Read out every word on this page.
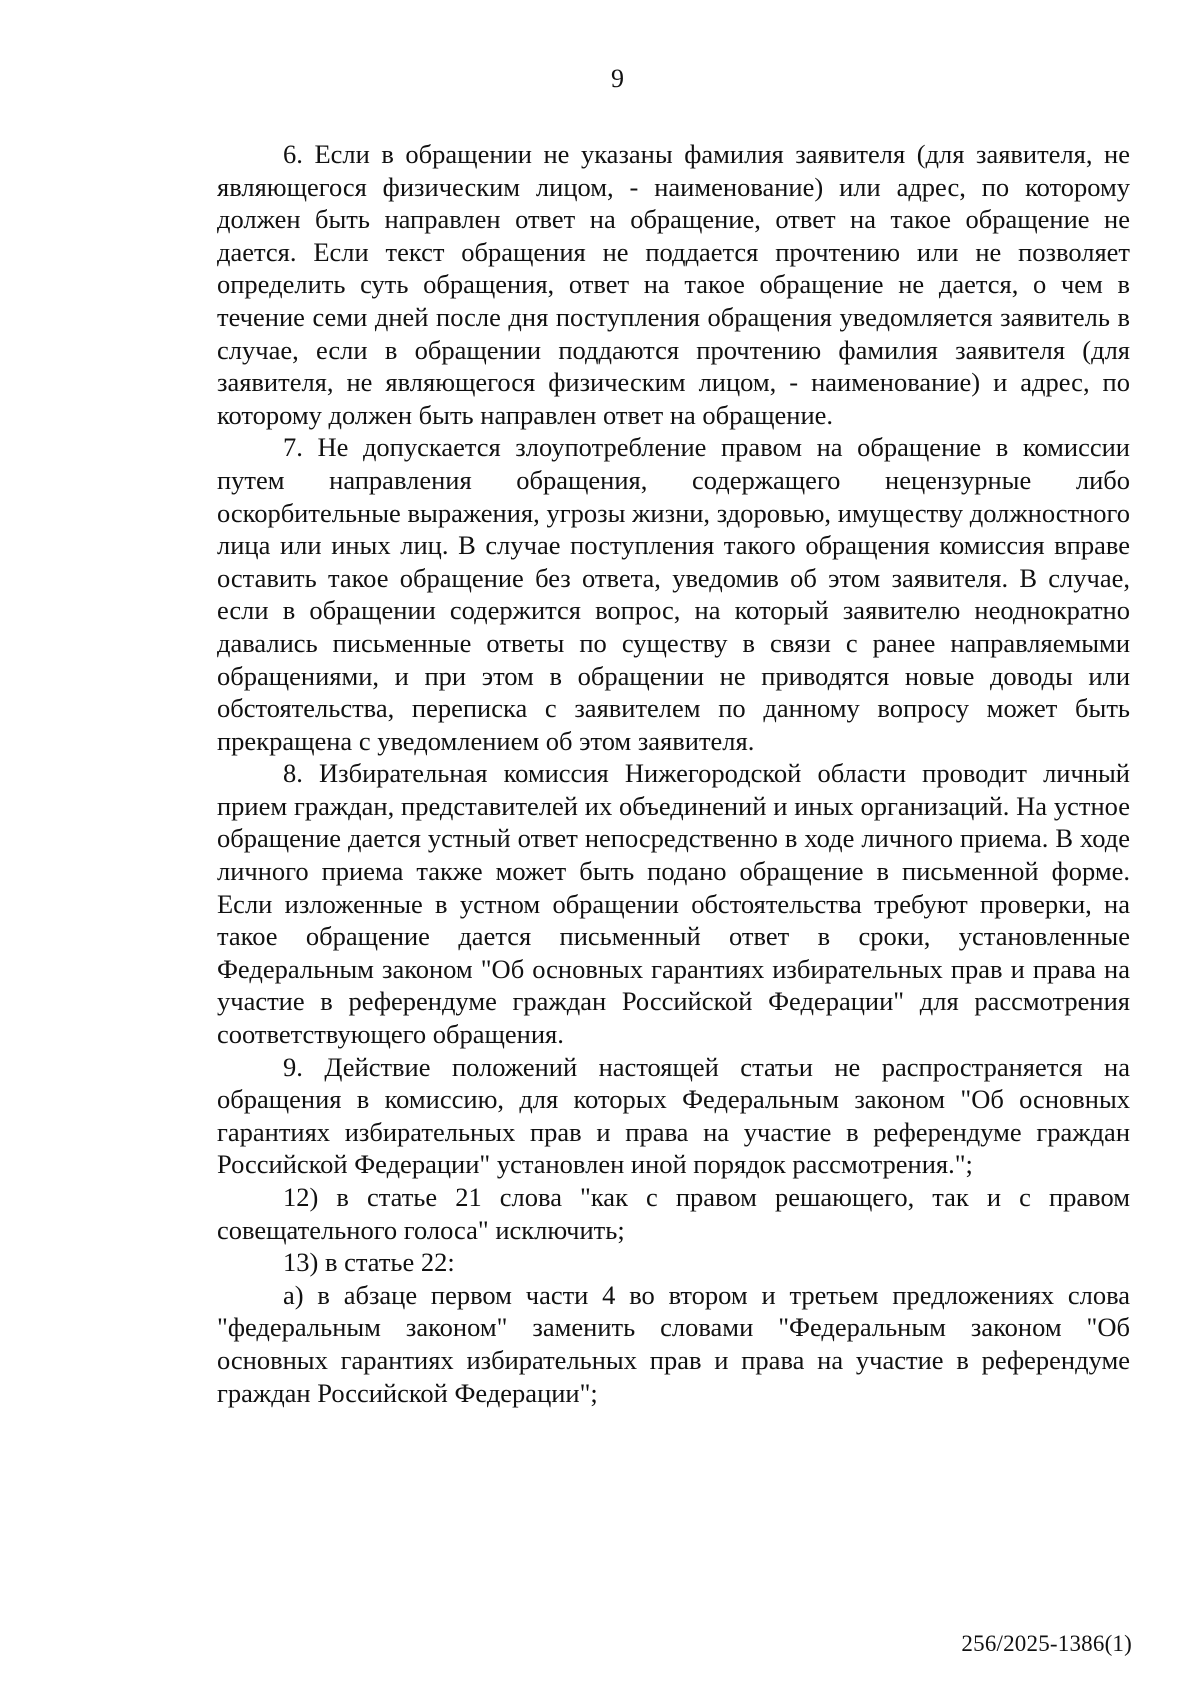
9

6. Если в обращении не указаны фамилия заявителя (для заявителя, не являющегося физическим лицом, - наименование) или адрес, по которому должен быть направлен ответ на обращение, ответ на такое обращение не дается. Если текст обращения не поддается прочтению или не позволяет определить суть обращения, ответ на такое обращение не дается, о чем в течение семи дней после дня поступления обращения уведомляется заявитель в случае, если в обращении поддаются прочтению фамилия заявителя (для заявителя, не являющегося физическим лицом, - наименование) и адрес, по которому должен быть направлен ответ на обращение.

7. Не допускается злоупотребление правом на обращение в комиссии путем направления обращения, содержащего нецензурные либо оскорбительные выражения, угрозы жизни, здоровью, имуществу должностного лица или иных лиц. В случае поступления такого обращения комиссия вправе оставить такое обращение без ответа, уведомив об этом заявителя. В случае, если в обращении содержится вопрос, на который заявителю неоднократно давались письменные ответы по существу в связи с ранее направляемыми обращениями, и при этом в обращении не приводятся новые доводы или обстоятельства, переписка с заявителем по данному вопросу может быть прекращена с уведомлением об этом заявителя.

8. Избирательная комиссия Нижегородской области проводит личный прием граждан, представителей их объединений и иных организаций. На устное обращение дается устный ответ непосредственно в ходе личного приема. В ходе личного приема также может быть подано обращение в письменной форме. Если изложенные в устном обращении обстоятельства требуют проверки, на такое обращение дается письменный ответ в сроки, установленные Федеральным законом "Об основных гарантиях избирательных прав и права на участие в референдуме граждан Российской Федерации" для рассмотрения соответствующего обращения.

9. Действие положений настоящей статьи не распространяется на обращения в комиссию, для которых Федеральным законом "Об основных гарантиях избирательных прав и права на участие в референдуме граждан Российской Федерации" установлен иной порядок рассмотрения.";

12) в статье 21 слова "как с правом решающего, так и с правом совещательного голоса" исключить;

13) в статье 22:

а) в абзаце первом части 4 во втором и третьем предложениях слова "федеральным законом" заменить словами "Федеральным законом "Об основных гарантиях избирательных прав и права на участие в референдуме граждан Российской Федерации";

256/2025-1386(1)
